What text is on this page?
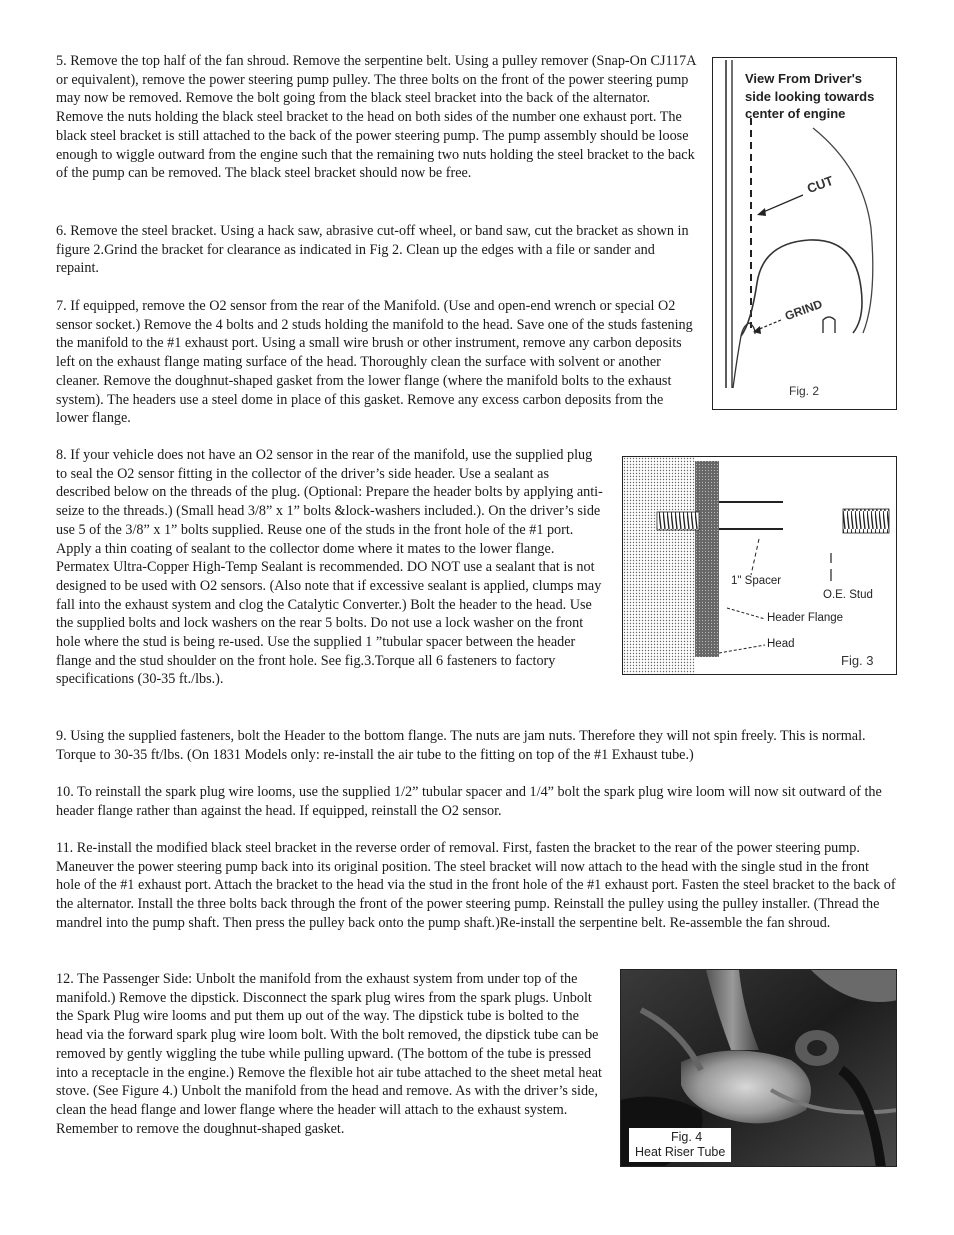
5. Remove the top half of the fan shroud. Remove the serpentine belt. Using a pulley remover (Snap-On CJ117A or equivalent), remove the power steering pump pulley. The three bolts on the front of the power steering pump may now be removed. Remove the bolt going from the black steel bracket into the back of the alternator. Remove the nuts holding the black steel bracket to the head on both sides of the number one exhaust port. The black steel bracket is still attached to the back of the power steering pump. The pump assembly should be loose enough to wiggle outward from the engine such that the remaining two nuts holding the steel bracket to the back of the pump can be removed. The black steel bracket should now be free.

6. Remove the steel bracket. Using a hack saw, abrasive cut-off wheel, or band saw, cut the bracket as shown in figure 2.Grind the bracket for clearance as indicated in Fig 2. Clean up the edges with a file or sander and repaint.

7. If equipped, remove the O2 sensor from the rear of the Manifold. (Use and open-end wrench or special O2 sensor socket.) Remove the 4 bolts and 2 studs holding the manifold to the head. Save one of the studs fastening the manifold to the #1 exhaust port. Using a small wire brush or other instrument, remove any carbon deposits left on the exhaust flange mating surface of the head. Thoroughly clean the surface with solvent or another cleaner. Remove the doughnut-shaped gasket from the lower flange (where the manifold bolts to the exhaust system). The headers use a steel dome in place of this gasket. Remove any excess carbon deposits from the lower flange.

8. If your vehicle does not have an O2 sensor in the rear of the manifold, use the supplied plug to seal the O2 sensor fitting in the collector of the driver’s side header. Use a sealant as described below on the threads of the plug. (Optional: Prepare the header bolts by applying anti-seize to the threads.) (Small head 3/8” x 1” bolts &lock-washers included.). On the driver’s side use 5 of the 3/8” x 1” bolts supplied. Reuse one of the studs in the front hole of the #1 port. Apply a thin coating of sealant to the collector dome where it mates to the lower flange. Permatex Ultra-Copper High-Temp Sealant is recommended. DO NOT use a sealant that is not designed to be used with O2 sensors. (Also note that if excessive sealant is applied, clumps may fall into the exhaust system and clog the Catalytic Converter.) Bolt the header to the head. Use the supplied bolts and lock washers on the rear 5 bolts. Do not use a lock washer on the front hole where the stud is being re-used. Use the supplied 1 ”tubular spacer between the header flange and the stud shoulder on the front hole. See fig.3.Torque all 6 fasteners to factory specifications (30-35 ft./lbs.).

9. Using the supplied fasteners, bolt the Header to the bottom flange. The nuts are jam nuts. Therefore they will not spin freely. This is normal. Torque to 30-35 ft/lbs. (On 1831 Models only: re-install the air tube to the fitting on top of the #1 Exhaust tube.)

10. To reinstall the spark plug wire looms, use the supplied 1/2” tubular spacer and 1/4” bolt the spark plug wire loom will now sit outward of the header flange rather than against the head. If equipped, reinstall the O2 sensor.

11. Re-install the modified black steel bracket in the reverse order of removal. First, fasten the bracket to the rear of the power steering pump. Maneuver the power steering pump back into its original position. The steel bracket will now attach to the head with the single stud in the front hole of the #1 exhaust port. Attach the bracket to the head via the stud in the front hole of the #1 exhaust port. Fasten the steel bracket to the back of the alternator. Install the three bolts back through the front of the power steering pump. Reinstall the pulley using the pulley installer. (Thread the mandrel into the pump shaft. Then press the pulley back onto the pump shaft.)Re-install the serpentine belt. Re-assemble the fan shroud.

12. The Passenger Side: Unbolt the manifold from the exhaust system from under top of the manifold.) Remove the dipstick. Disconnect the spark plug wires from the spark plugs. Unbolt the Spark Plug wire looms and put them up out of the way. The dipstick tube is bolted to the head via the forward spark plug wire loom bolt. With the bolt removed, the dipstick tube can be removed by gently wiggling the tube while pulling upward. (The bottom of the tube is pressed into a receptacle in the engine.) Remove the flexible hot air tube attached to the sheet metal heat stove. (See Figure 4.) Unbolt the manifold from the head and remove. As with the driver’s side, clean the head flange and lower flange where the header will attach to the exhaust system. Remember to remove the doughnut-shaped gasket.

View From Driver's
side looking towards
center of engine
CUT
GRIND
Fig. 2
1" Spacer
O.E. Stud
Header Flange
Head
Fig. 3
Fig. 4
Heat Riser Tube
